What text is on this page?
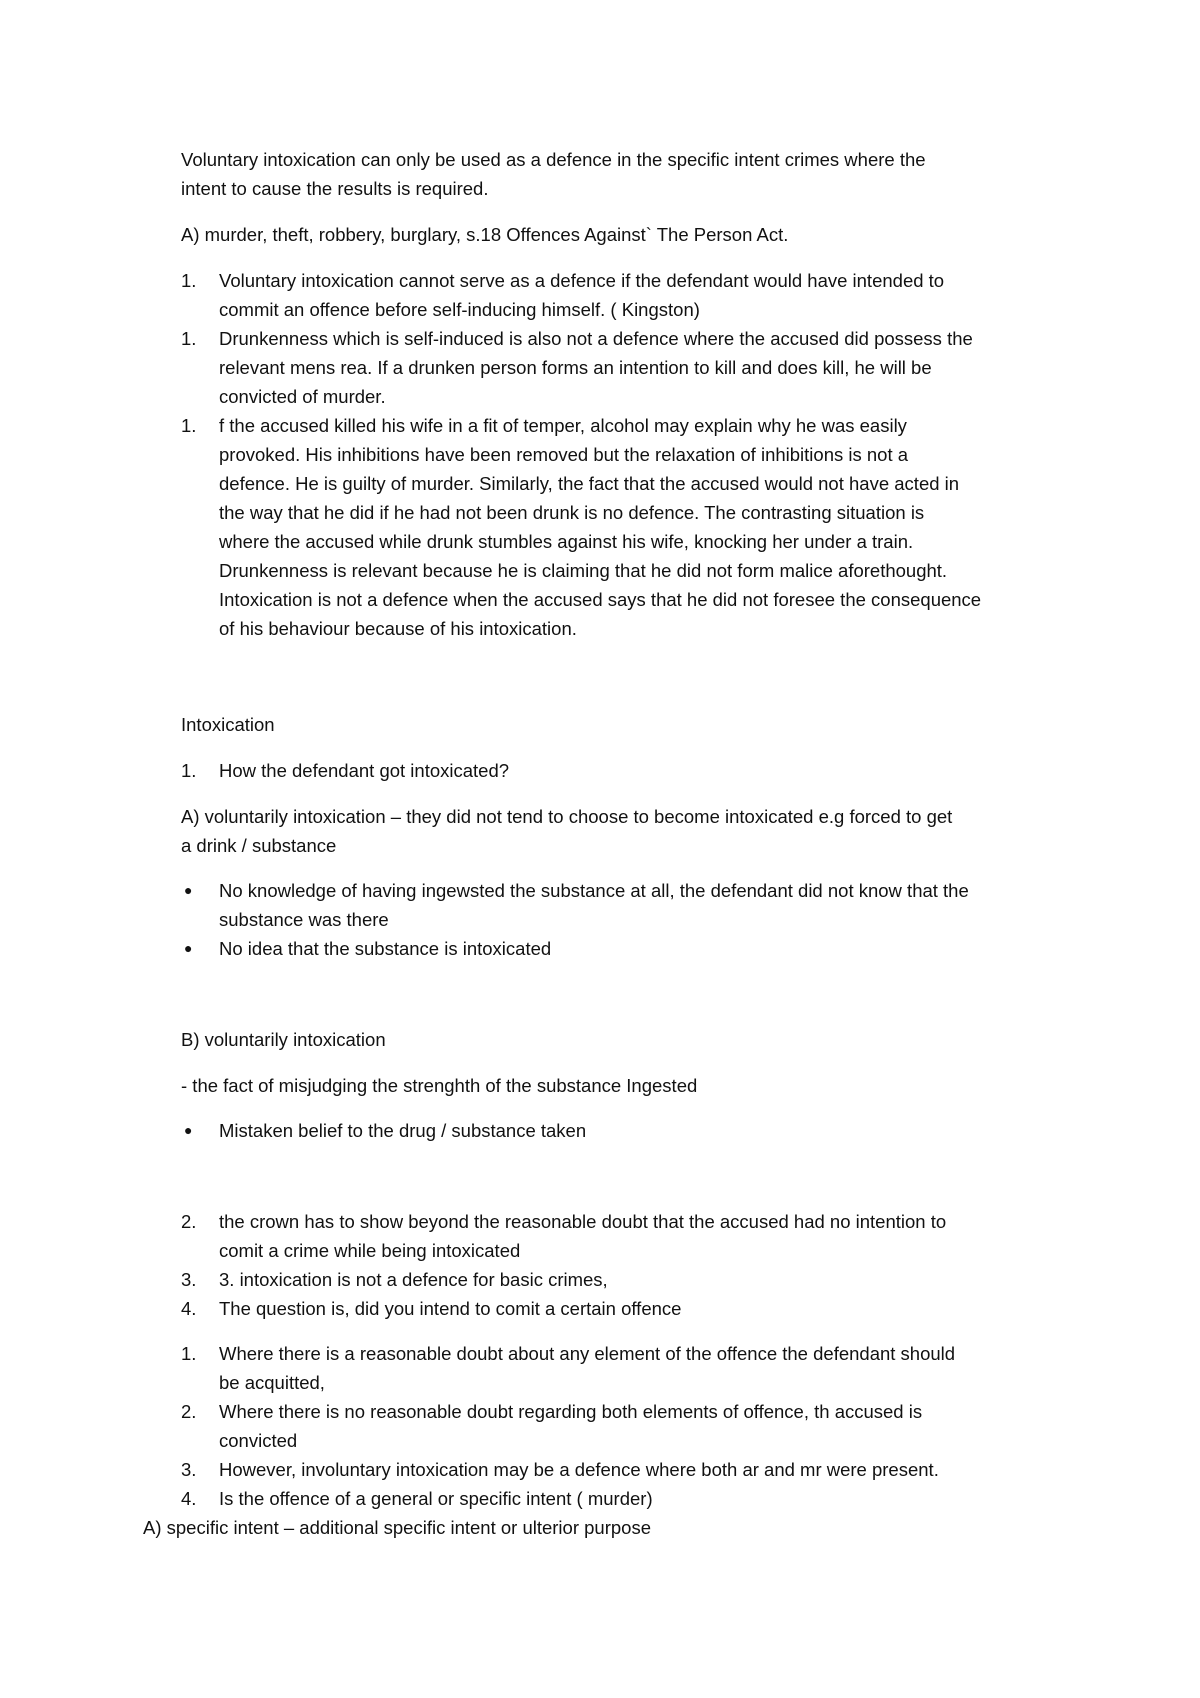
Voluntary intoxication can only be used as a defence in the specific intent crimes where the

intent to cause the results is required.

A) murder, theft, robbery, burglary, s.18 Offences Against` The Person Act.

1.	Voluntary intoxication cannot serve as a defence if the defendant would have intended to
commit an offence before self-inducing himself. ( Kingston)
1.	Drunkenness which is self-induced is also not a defence where the accused did possess the
relevant mens rea. If a drunken person forms an intention to kill and does kill, he will be
convicted of murder.
1.	f the accused killed his wife in a fit of temper, alcohol may explain why he was easily
provoked. His inhibitions have been removed but the relaxation of inhibitions is not a
defence. He is guilty of murder. Similarly, the fact that the accused would not have acted in
the way that he did if he had not been drunk is no defence. The contrasting situation is
where the accused while drunk stumbles against his wife, knocking her under a train.
Drunkenness is relevant because he is claiming that he did not form malice aforethought.
Intoxication is not a defence when the accused says that he did not foresee the consequence
of his behaviour because of his intoxication.

Intoxication

1.	How the defendant got intoxicated?

A) voluntarily intoxication – they did not tend to choose to become intoxicated e.g forced to get

a drink / substance

●	No knowledge of having ingewsted the substance at all, the defendant did not know that the
substance was there
●	No idea that the substance is intoxicated

B) voluntarily intoxication

- the fact of misjudging the strenghth of the substance Ingested

●	Mistaken belief to the drug / substance taken
2.	the crown has to show beyond the reasonable doubt that the accused had no intention to
comit a crime while being intoxicated
3.	3. intoxication is not a defence for basic crimes,
4.	The question is, did you intend to comit a certain offence
1.	Where there is a reasonable doubt about any element of the offence the defendant should
be acquitted,
2.	Where there is no reasonable doubt regarding both elements of offence, th accused is
convicted
3.	However, involuntary intoxication may be a defence where both ar and mr were present.
4.	Is the offence of a general or specific intent ( murder)

A) specific intent – additional specific intent or ulterior purpose
